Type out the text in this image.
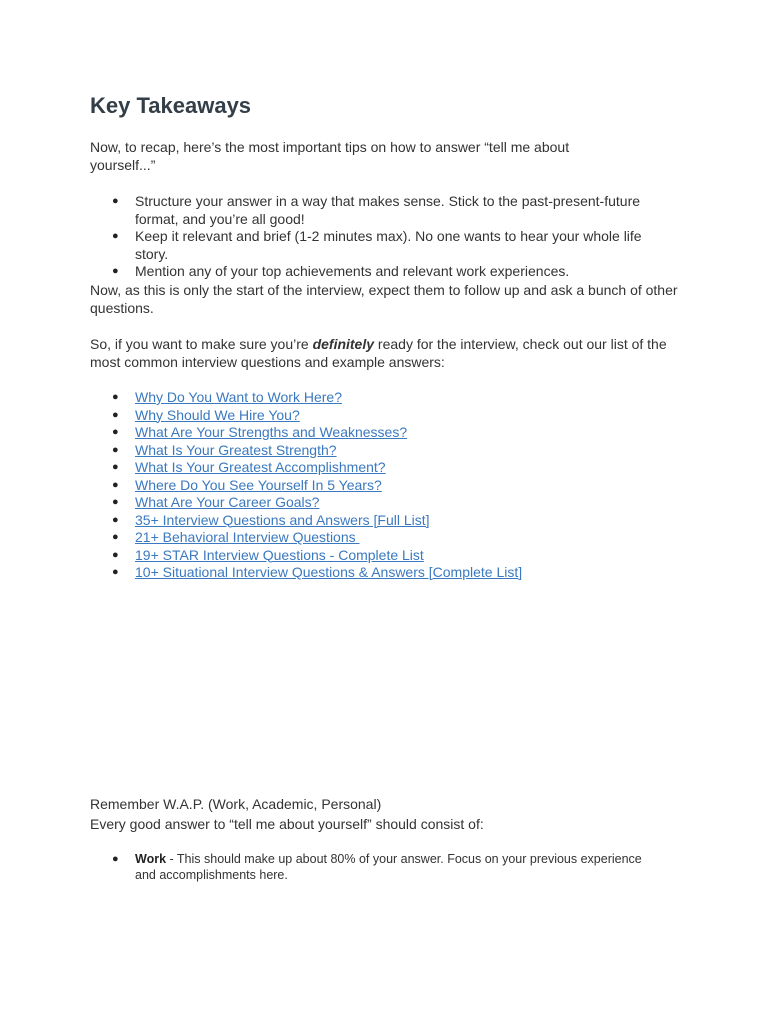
Key Takeaways

Now, to recap, here’s the most important tips on how to answer “tell me about yourself...”

● Structure your answer in a way that makes sense. Stick to the past-present-future format, and you’re all good!
● Keep it relevant and brief (1-2 minutes max). No one wants to hear your whole life story.
● Mention any of your top achievements and relevant work experiences.

Now, as this is only the start of the interview, expect them to follow up and ask a bunch of other questions.

So, if you want to make sure you’re definitely ready for the interview, check out our list of the most common interview questions and example answers:

● Why Do You Want to Work Here?
● Why Should We Hire You?
● What Are Your Strengths and Weaknesses?
● What Is Your Greatest Strength?
● What Is Your Greatest Accomplishment?
● Where Do You See Yourself In 5 Years?
● What Are Your Career Goals?
● 35+ Interview Questions and Answers [Full List]
● 21+ Behavioral Interview Questions
● 19+ STAR Interview Questions - Complete List
● 10+ Situational Interview Questions & Answers [Complete List]

Remember W.A.P. (Work, Academic, Personal)

Every good answer to “tell me about yourself” should consist of:

● Work - This should make up about 80% of your answer. Focus on your previous experience and accomplishments here.
